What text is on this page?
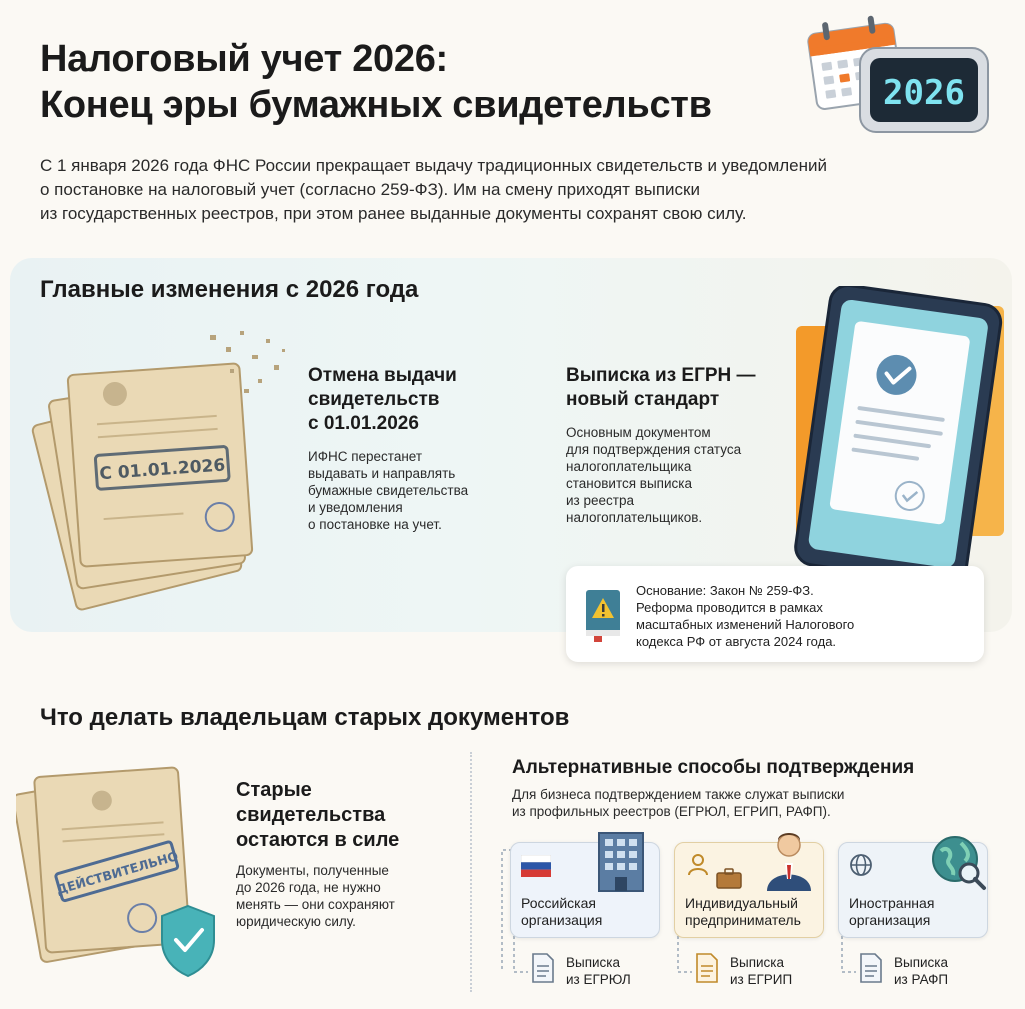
Налоговый учет 2026:
Конец эры бумажных свидетельств	2026
С 1 января 2026 года ФНС России прекращает выдачу традиционных свидетельств и уведомлений
о постановке на налоговый учет (согласно 259-ФЗ). Им на смену приходят выписки
из государственных реестров, при этом ранее выданные документы сохранят свою силу.
Главные изменения с 2026 года
С 01.01.2026
Отмена выдачи
свидетельств
с 01.01.2026
ИФНС перестанет
выдавать и направлять
бумажные свидетельства
и уведомления
о постановке на учет.
Выписка из ЕГРН —
новый стандарт
Основным документом
для подтверждения статуса
налогоплательщика
становится выписка
из реестра
налогоплательщиков.
Основание: Закон № 259-ФЗ.
Реформа проводится в рамках
масштабных изменений Налогового
кодекса РФ от августа 2024 года.
Что делать владельцам старых документов
ДЕЙСТВИТЕЛЬНО
Старые
свидетельства
остаются в силе
Документы, полученные
до 2026 года, не нужно
менять — они сохраняют
юридическую силу.
Альтернативные способы подтверждения
Для бизнеса подтверждением также служат выписки
из профильных реестров (ЕГРЮЛ, ЕГРИП, РАФП).
Российская
организация
Индивидуальный
предприниматель
Иностранная
организация
Выписка
из ЕГРЮЛ
Выписка
из ЕГРИП
Выписка
из РАФП
